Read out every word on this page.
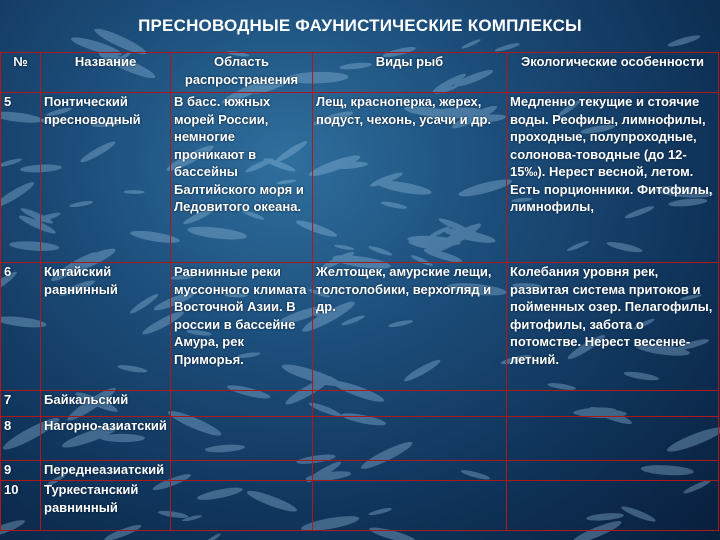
ПРЕСНОВОДНЫЕ ФАУНИСТИЧЕСКИЕ КОМПЛЕКСЫ
№	Название	Область распространения	Виды рыб	Экологические особенности
5	Понтический пресноводный	В басс. южных морей России, немногие проникают в бассейны Балтийского моря и Ледовитого океана.	Лещ, красноперка, жерех, подуст, чехонь, усачи и др.	Медленно текущие и стоячие воды. Реофилы, лимнофилы, проходные, полупроходные, солонова-товодные (до 12-15‰). Нерест весной, летом. Есть порционники. Фитофилы, лимнофилы,
6	Китайский равнинный	Равнинные реки муссонного климата Восточной Азии. В россии в бассейне Амура, рек Приморья.	Желтощек, амурские лещи, толстолобики, верхогляд и др.	Колебания уровня рек, развитая система притоков и пойменных озер. Пелагофилы, фитофилы, забота о потомстве. Нерест весенне-летний.
7	Байкальский			
8	Нагорно-азиатский			
9	Переднеазиатский			
10	Туркестанский равнинный			
